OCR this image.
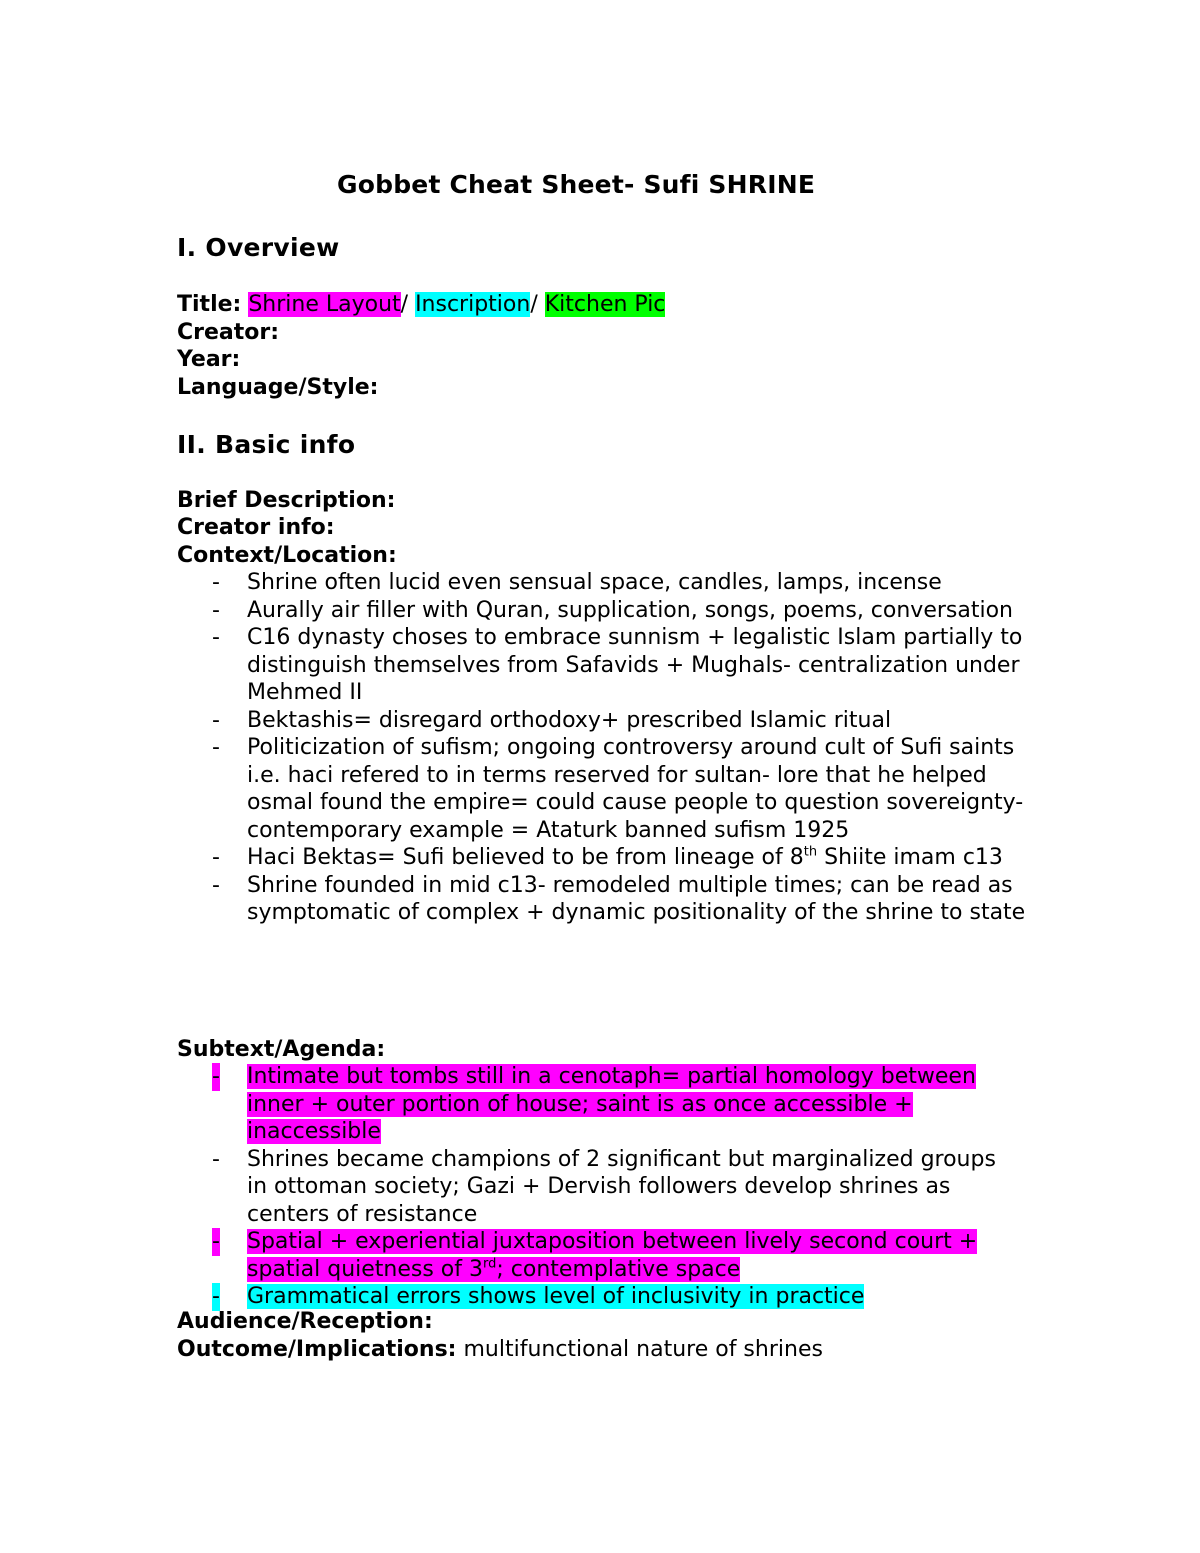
Gobbet Cheat Sheet- Sufi SHRINE
I. Overview
Title: Shrine Layout/ Inscription/ Kitchen Pic
Creator:
Year:
Language/Style:
II. Basic info
Brief Description:
Creator info:
Context/Location:
- Shrine often lucid even sensual space, candles, lamps, incense
- Aurally air filler with Quran, supplication, songs, poems, conversation
- C16 dynasty choses to embrace sunnism + legalistic Islam partially to distinguish themselves from Safavids + Mughals- centralization under Mehmed II
- Bektashis= disregard orthodoxy+ prescribed Islamic ritual
- Politicization of sufism; ongoing controversy around cult of Sufi saints i.e. haci refered to in terms reserved for sultan- lore that he helped osmal found the empire= could cause people to question sovereignty- contemporary example = Ataturk banned sufism 1925
- Haci Bektas= Sufi believed to be from lineage of 8th Shiite imam c13
- Shrine founded in mid c13- remodeled multiple times; can be read as symptomatic of complex + dynamic positionality of the shrine to state
Subtext/Agenda:
- Intimate but tombs still in a cenotaph= partial homology between inner + outer portion of house; saint is as once accessible + inaccessible
- Shrines became champions of 2 significant but marginalized groups in ottoman society; Gazi + Dervish followers develop shrines as centers of resistance
- Spatial + experiential juxtaposition between lively second court + spatial quietness of 3rd; contemplative space
- Grammatical errors shows level of inclusivity in practice
Audience/Reception:
Outcome/Implications: multifunctional nature of shrines
